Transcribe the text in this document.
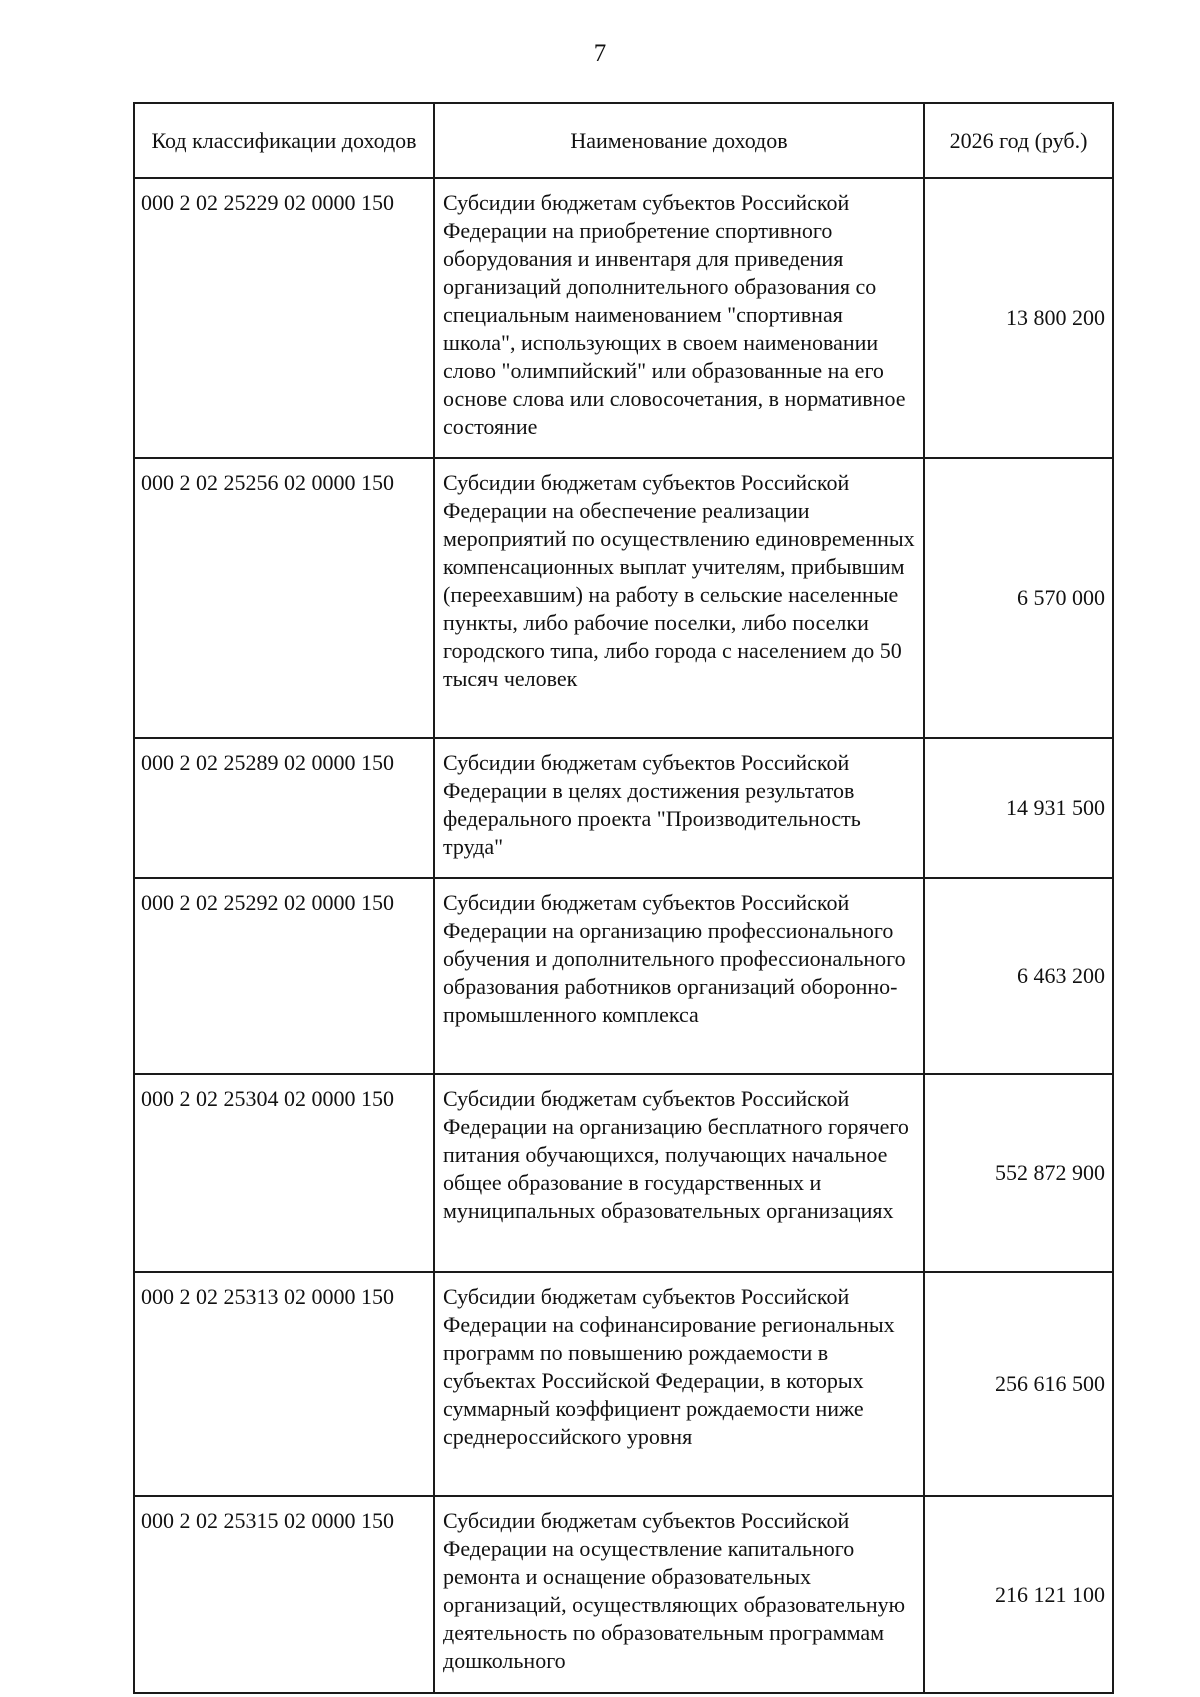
7
Код классификации доходов	Наименование доходов	2026 год (руб.)
000 2 02 25229 02 0000 150	Субсидии бюджетам субъектов Российской Федерации на приобретение спортивного оборудования и инвентаря для приведения организаций дополнительного образования со специальным наименованием "спортивная школа", использующих в своем наименовании слово "олимпийский" или образованные на его основе слова или словосочетания, в нормативное состояние	13 800 200
000 2 02 25256 02 0000 150	Субсидии бюджетам субъектов Российской Федерации на обеспечение реализации мероприятий по осуществлению единовременных компенсационных выплат учителям, прибывшим (переехавшим) на работу в сельские населенные пункты, либо рабочие поселки, либо поселки городского типа, либо города с населением до 50 тысяч человек	6 570 000
000 2 02 25289 02 0000 150	Субсидии бюджетам субъектов Российской Федерации в целях достижения результатов федерального проекта "Производительность труда"	14 931 500
000 2 02 25292 02 0000 150	Субсидии бюджетам субъектов Российской Федерации на организацию профессионального обучения и дополнительного профессионального образования работников организаций оборонно-промышленного комплекса	6 463 200
000 2 02 25304 02 0000 150	Субсидии бюджетам субъектов Российской Федерации на организацию бесплатного горячего питания обучающихся, получающих начальное общее образование в государственных и муниципальных образовательных организациях	552 872 900
000 2 02 25313 02 0000 150	Субсидии бюджетам субъектов Российской Федерации на софинансирование региональных программ по повышению рождаемости в субъектах Российской Федерации, в которых суммарный коэффициент рождаемости ниже среднероссийского уровня	256 616 500
000 2 02 25315 02 0000 150	Субсидии бюджетам субъектов Российской Федерации на осуществление капитального ремонта и оснащение образовательных организаций, осуществляющих образовательную деятельность по образовательным программам дошкольного	216 121 100
